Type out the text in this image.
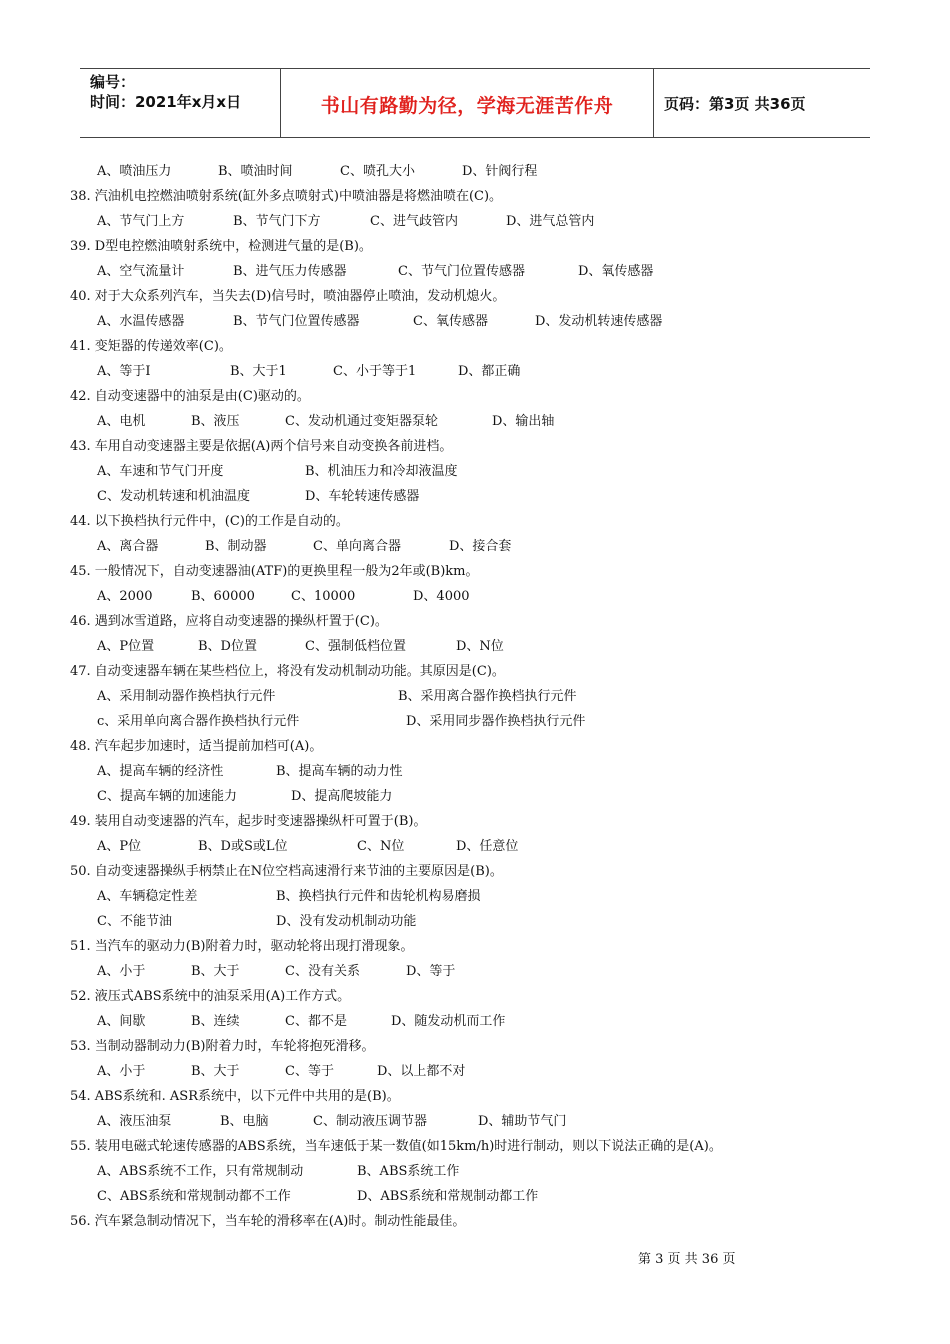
编号：
时间：2021年x月x日	书山有路勤为径，学海无涯苦作舟	页码：第3页 共36页
A、喷油压力	B、喷油时间	C、喷孔大小	D、针阀行程
38. 汽油机电控燃油喷射系统(缸外多点喷射式)中喷油器是将燃油喷在(C)。
A、节气门上方	B、节气门下方	C、进气歧管内	D、进气总管内
39. D型电控燃油喷射系统中，检测进气量的是(B)。
A、空气流量计	B、进气压力传感器	C、节气门位置传感器	D、氧传感器
40. 对于大众系列汽车，当失去(D)信号时，喷油器停止喷油，发动机熄火。
A、水温传感器	B、节气门位置传感器	C、氧传感器	D、发动机转速传感器
41. 变矩器的传递效率(C)。
A、等于Ⅰ	B、大于1	C、小于等于1	D、都正确
42. 自动变速器中的油泵是由(C)驱动的。
A、电机	B、液压	C、发动机通过变矩器泵轮	D、输出轴
43. 车用自动变速器主要是依据(A)两个信号来自动变换各前进档。
A、车速和节气门开度	B、机油压力和冷却液温度
C、发动机转速和机油温度	D、车轮转速传感器
44. 以下换档执行元件中，(C)的工作是自动的。
A、离合器	B、制动器	C、单向离合器	D、接合套
45. 一般情况下，自动变速器油(ATF)的更换里程一般为2年或(B)km。
A、2000	B、60000	C、10000	D、4000
46. 遇到冰雪道路，应将自动变速器的操纵杆置于(C)。
A、P位置	B、D位置	C、强制低档位置	D、N位
47. 自动变速器车辆在某些档位上，将没有发动机制动功能。其原因是(C)。
A、采用制动器作换档执行元件	B、采用离合器作换档执行元件
c、采用单向离合器作换档执行元件	D、采用同步器作换档执行元件
48. 汽车起步加速时，适当提前加档可(A)。
A、提高车辆的经济性	B、提高车辆的动力性
C、提高车辆的加速能力	D、提高爬坡能力
49. 装用自动变速器的汽车，起步时变速器操纵杆可置于(B)。
A、P位	B、D或S或L位	C、N位	D、任意位
50. 自动变速器操纵手柄禁止在N位空档高速滑行来节油的主要原因是(B)。
A、车辆稳定性差	B、换档执行元件和齿轮机构易磨损
C、不能节油	D、没有发动机制动功能
51. 当汽车的驱动力(B)附着力时，驱动轮将出现打滑现象。
A、小于	B、大于	C、没有关系	D、等于
52. 液压式ABS系统中的油泵采用(A)工作方式。
A、间歇	B、连续	C、都不是	D、随发动机而工作
53. 当制动器制动力(B)附着力时，车轮将抱死滑移。
A、小于	B、大于	C、等于	D、以上都不对
54. ABS系统和. ASR系统中，以下元件中共用的是(B)。
A、液压油泵	B、电脑	C、制动液压调节器	D、辅助节气门
55. 装用电磁式轮速传感器的ABS系统，当车速低于某一数值(如15km/h)时进行制动，则以下说法正确的是(A)。
A、ABS系统不工作，只有常规制动	B、ABS系统工作
C、ABS系统和常规制动都不工作	D、ABS系统和常规制动都工作
56. 汽车紧急制动情况下，当车轮的滑移率在(A)时。制动性能最佳。
第 3 页 共 36 页
